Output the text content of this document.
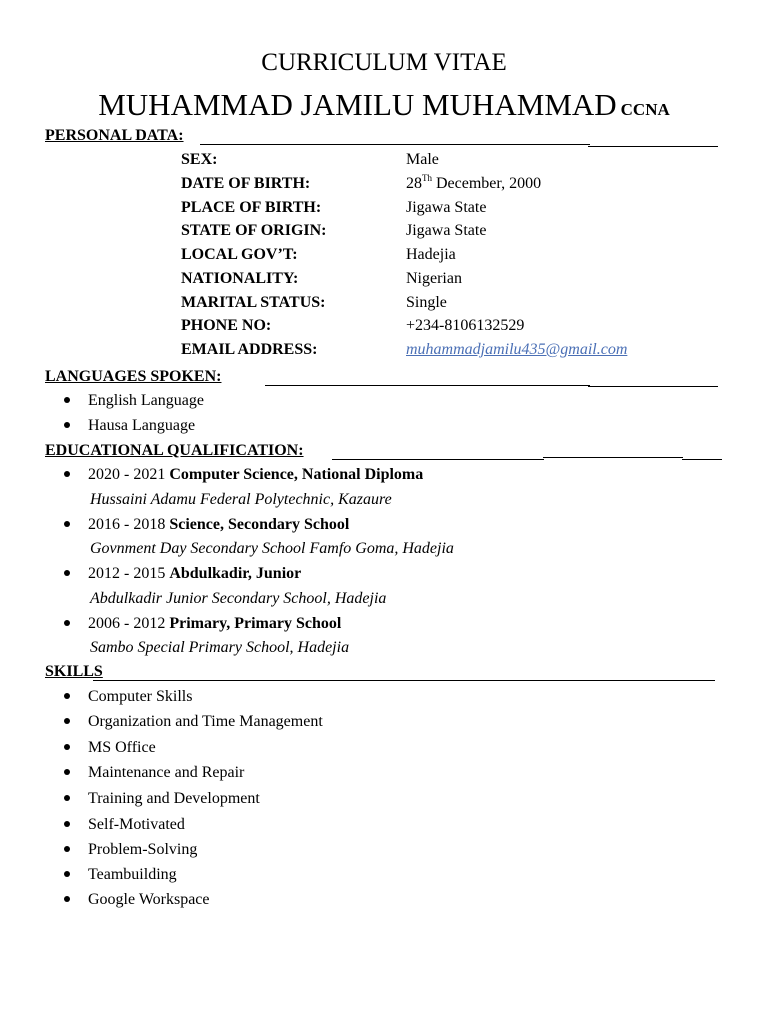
CURRICULUM VITAE
MUHAMMAD JAMILU MUHAMMAD CCNA
PERSONAL DATA:
SEX:	Male
DATE OF BIRTH:	28Th December, 2000
PLACE OF BIRTH:	Jigawa State
STATE OF ORIGIN:	Jigawa State
LOCAL GOV’T:	Hadejia
NATIONALITY:	Nigerian
MARITAL STATUS:	Single
PHONE NO:	+234-8106132529
EMAIL ADDRESS:	muhammadjamilu435@gmail.com
LANGUAGES SPOKEN:
English Language
Hausa Language
EDUCATIONAL QUALIFICATION:
2020 - 2021 Computer Science, National Diploma
Hussaini Adamu Federal Polytechnic, Kazaure
2016 - 2018 Science, Secondary School
Govnment Day Secondary School Famfo Goma, Hadejia
2012 - 2015 Abdulkadir, Junior
Abdulkadir Junior Secondary School, Hadejia
2006 - 2012 Primary, Primary School
Sambo Special Primary School, Hadejia
SKILLS
Computer Skills
Organization and Time Management
MS Office
Maintenance and Repair
Training and Development
Self-Motivated
Problem-Solving
Teambuilding
Google Workspace
